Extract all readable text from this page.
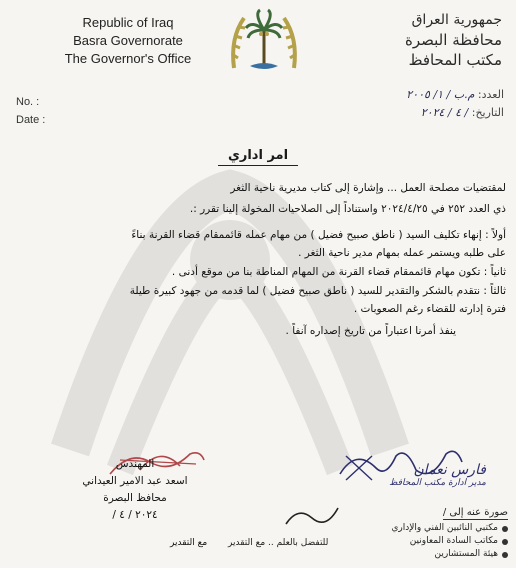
Republic of Iraq
Basra Governorate
The Governor's Office
جمهورية العراق
محافظة البصرة
مكتب المحافظ
No. :
Date :
العدد: م.ب / ١/ ٢٠٠٥
التاريخ: / ٤ / ٢٠٢٤
امر اداري
لمقتضيات مصلحة العمل ... وإشارة إلى كتاب مديرية ناحية الثغر
ذي العدد ٢٥٢ في ٢٠٢٤/٤/٢٥ واستناداً إلى الصلاحيات المخولة إلينا تقرر :.
أولاً : إنهاء تكليف السيد ( ناطق صبيح فضيل ) من مهام عمله قائممقام قضاء القرنة بناءً
على طلبه ويستمر عمله بمهام مدير ناحية الثغر .
ثانياً : تكون مهام قائممقام قضاء القرنة من المهام المناطة بنا من موقع أدنى .
ثالثاً : نتقدم بالشكر والتقدير للسيد ( ناطق صبيح فضيل ) لما قدمه من جهود كبيرة طيلة
فترة إدارته للقضاء رغم الصعوبات .
ينفذ أمرنا اعتباراً من تاريخ إصداره آنفاً .
المهندس
اسعد عبد الامير العيداني
محافظ البصرة
٢٠٢٤ / ٤ /
فارس نعمان
مدير ادارة مكتب المحافظ
صورة عنه إلى /
مكتبي النائبين الفني والإداري
مكاتب السادة المعاونين
هيئة المستشارين
للتفضل بالعلم .. مع التقدير
مع التقدير
